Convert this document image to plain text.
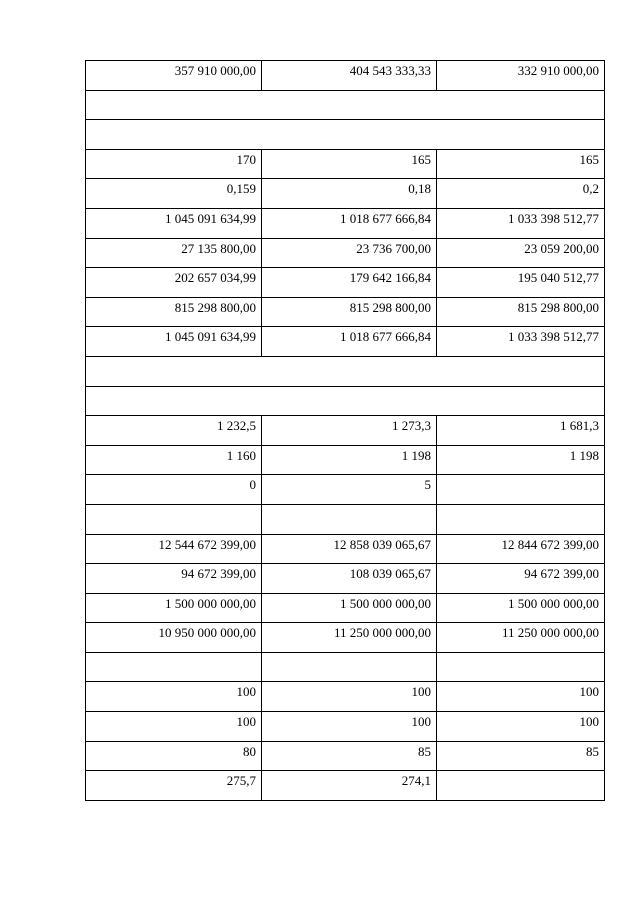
357 910 000,00	404 543 333,33	332 910 000,00

170	165	165
0,159	0,18	0,2
1 045 091 634,99	1 018 677 666,84	1 033 398 512,77
27 135 800,00	23 736 700,00	23 059 200,00
202 657 034,99	179 642 166,84	195 040 512,77
815 298 800,00	815 298 800,00	815 298 800,00
1 045 091 634,99	1 018 677 666,84	1 033 398 512,77

1 232,5	1 273,3	1 681,3
1 160	1 198	1 198
0	5	

12 544 672 399,00	12 858 039 065,67	12 844 672 399,00
94 672 399,00	108 039 065,67	94 672 399,00
1 500 000 000,00	1 500 000 000,00	1 500 000 000,00
10 950 000 000,00	11 250 000 000,00	11 250 000 000,00

100	100	100
100	100	100
80	85	85
275,7	274,1	
